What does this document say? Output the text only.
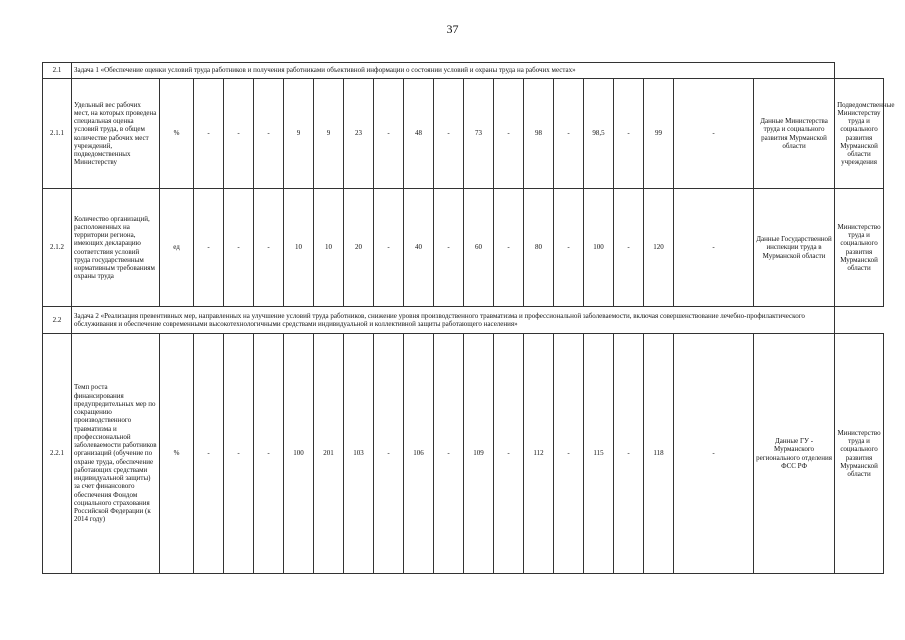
37
2.1	Задача 1 «Обеспечение оценки условий труда работников и получения работниками объективной информации о состоянии условий и охраны труда на рабочих местах»																				
2.1.1	Удельный вес рабочих мест, на которых проведена специальная оценка условий труда, в общем количестве рабочих мест учреждений, подведомственных Министерству	%	-	-	-	9	9	23	-	48	-	73	-	98	-	98,5	-	99	-	Данные Министерства труда и социального развития Мурманской области	Подведомственные Министерству труда и социального развития Мурманской области учреждения
2.1.2	Количество организаций, расположенных на территории региона, имеющих декларацию соответствия условий труда государственным нормативным требованиям охраны труда	ед	-	-	-	10	10	20	-	40	-	60	-	80	-	100	-	120	-	Данные Государственной инспекции труда в Мурманской области	Министерство труда и социального развития Мурманской области
2.2	Задача 2 «Реализация превентивных мер, направленных на улучшение условий труда работников, снижение уровня производственного травматизма и профессиональной заболеваемости, включая совершенствование лечебно-профилактического обслуживания и обеспечение современными высокотехнологичными средствами индивидуальной и коллективной защиты работающего населения»																				
2.2.1	Темп роста финансирования предупредительных мер по сокращению производственного травматизма и профессиональной заболеваемости работников организаций (обучение по охране труда, обеспечение работающих средствами индивидуальной защиты) за счет финансового обеспечения Фондом социального страхования Российской Федерации (к 2014 году)	%	-	-	-	100	201	103	-	106	-	109	-	112	-	115	-	118	-	Данные ГУ - Мурманского регионального отделения ФСС РФ	Министерство труда и социального развития Мурманской области
